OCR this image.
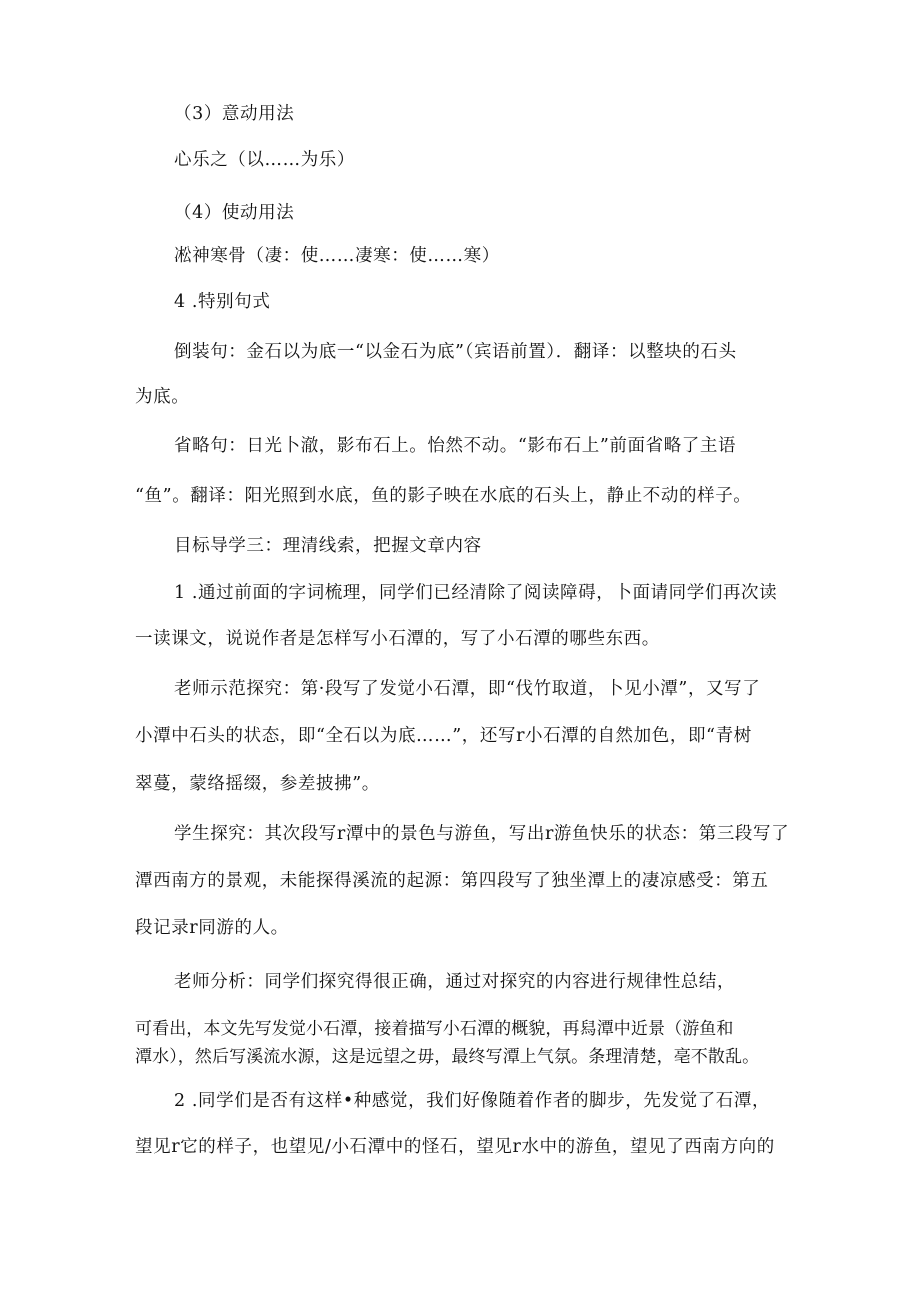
（3）意动用法
心乐之（以……为乐）
（4）使动用法
凇神寒骨（凄：使……凄寒：使……寒）
4 .特别句式
倒装句：金石以为底一“以金石为底”（宾语前置）．翻译：以整块的石头
为底。
省略句：日光卜澈，影布石上。怡然不动。“影布石上”前面省略了主语
“鱼”。翻译：阳光照到水底，鱼的影子映在水底的石头上，静止不动的样子。
目标导学三：理清线索，把握文章内容
1 .通过前面的字词梳理，同学们已经清除了阅读障碍，卜面请同学们再次读
一读课文，说说作者是怎样写小石潭的，写了小石潭的哪些东西。
老师示范探究：第·段写了发觉小石潭，即“伐竹取道，卜见小潭”，又写了
小潭中石头的状态，即“全石以为底……”，还写r小石潭的自然加色，即“青树
翠蔓，蒙络摇缀，参差披拂”。
学生探究：其次段写r潭中的景色与游鱼，写出r游鱼快乐的状态：第三段写了
潭西南方的景观，未能探得溪流的起源：第四段写了独坐潭上的凄凉感受：第五
段记录r同游的人。
老师分析：同学们探究得很正确，通过对探究的内容进行规律性总结，
可看出，本文先写发觉小石潭，接着描写小石潭的概貌，再舄潭中近景（游鱼和
潭水），然后写溪流水源，这是远望之毋，最终写潭上气氛。条理清楚，亳不散乱。
2 .同学们是否有这样•种感觉，我们好像随着作者的脚步，先发觉了石潭，
望见r它的样子，也望见/小石潭中的怪石，望见r水中的游鱼，望见了西南方向的
